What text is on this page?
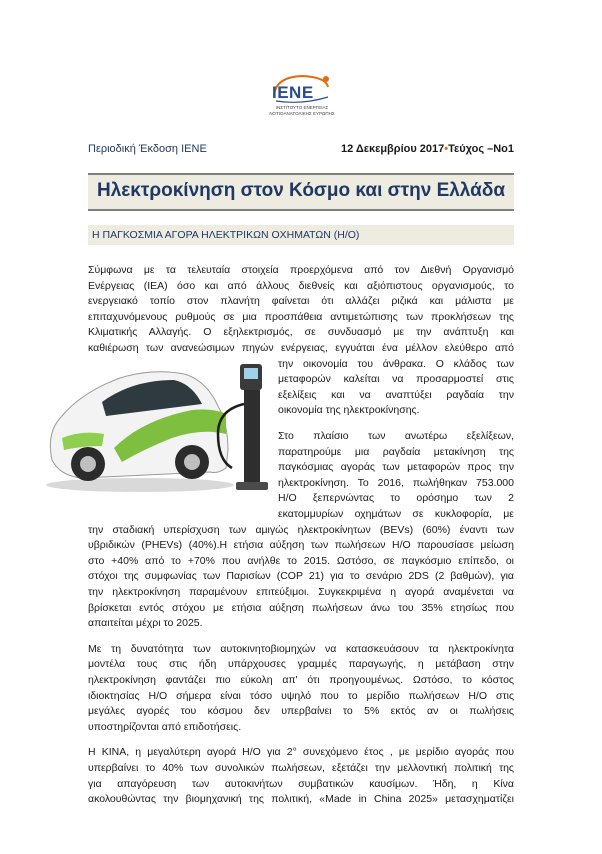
IENE
ΙΝΣΤΙΤΟΥΤΟ ΕΝΕΡΓΕΙΑΣ
ΝΟΤΙΟΑΝΑΤΟΛΙΚΗΣ ΕΥΡΩΠΗΣ
Περιοδική Έκδοση ΙΕΝΕ	12 Δεκεμβρίου 2017•Τεύχος –Νο1
Ηλεκτροκίνηση στον Κόσμο και στην Ελλάδα
Η ΠΑΓΚΟΣΜΙΑ ΑΓΟΡΑ ΗΛΕΚΤΡΙΚΩΝ ΟΧΗΜΑΤΩΝ (Η/Ο)
Σύμφωνα με τα τελευταία στοιχεία προερχόμενα από τον Διεθνή Οργανισμό
Ενέργειας (IEA) όσο και από άλλους διεθνείς και αξιόπιστους οργανισμούς, το
ενεργειακό τοπίο στον πλανήτη φαίνεται ότι αλλάζει ριζικά και μάλιστα με
επιταχυνόμενους ρυθμούς σε μια προσπάθεια αντιμετώπισης των προκλήσεων της
Κλιματικής Αλλαγής. Ο εξηλεκτρισμός, σε συνδυασμό με την ανάπτυξη και
καθιέρωση των ανανεώσιμων πηγών ενέργειας, εγγυάται ένα μέλλον ελεύθερο από
την οικονομία του άνθρακα. Ο κλάδος των
μεταφορών καλείται να προσαρμοστεί στις
εξελίξεις και να αναπτύξει ραγδαία την
οικονομία της ηλεκτροκίνησης.
Στο πλαίσιο των ανωτέρω εξελίξεων,
παρατηρούμε μια ραγδαία μετακίνηση της
παγκόσμιας αγοράς των μεταφορών προς την
ηλεκτροκίνηση. Το 2016, πωλήθηκαν 753.000
Η/Ο ξεπερνώντας το ορόσημο των 2
εκατομμυρίων οχημάτων σε κυκλοφορία, με
την σταδιακή υπερίσχυση των αμιγώς ηλεκτροκίνητων (BEVs) (60%) έναντι των
υβριδικών (PHEVs) (40%).Η ετήσια αύξηση των πωλήσεων Η/Ο παρουσίασε μείωση
στο +40% από το +70% που ανήλθε το 2015. Ωστόσο, σε παγκόσμιο επίπεδο, οι
στόχοι της συμφωνίας των Παρισίων (COP 21) για το σενάριο 2DS (2 βαθμών), για
την ηλεκτροκίνηση παραμένουν επιτεύξιμοι. Συγκεκριμένα η αγορά αναμένεται να
βρίσκεται εντός στόχου με ετήσια αύξηση πωλήσεων άνω του 35% ετησίως που
απαιτείται μέχρι το 2025.
Με τη δυνατότητα των αυτοκινητοβιομηχών να κατασκευάσουν τα ηλεκτροκίνητα
μοντέλα τους στις ήδη υπάρχουσες γραμμές παραγωγής, η μετάβαση στην
ηλεκτροκίνηση φαντάζει πιο εύκολη απ' ότι προηγουμένως. Ωστόσο, το κόστος
ιδιοκτησίας Η/Ο σήμερα είναι τόσο υψηλό που το μερίδιο πωλήσεων Η/Ο στις
μεγάλες αγορές του κόσμου δεν υπερβαίνει το 5% εκτός αν οι πωλήσεις
υποστηρίζονται από επιδοτήσεις.
Η ΚΙΝΑ, η μεγαλύτερη αγορά Η/Ο για 2° συνεχόμενο έτος , με μερίδιο αγοράς που
υπερβαίνει το 40% των συνολικών πωλήσεων, εξετάζει την μελλοντική πολιτική της
για απαγόρευση των αυτοκινήτων συμβατικών καυσίμων. Ήδη, η Κίνα
ακολουθώντας την βιομηχανική της πολιτική, «Made in China 2025» μετασχηματίζει
